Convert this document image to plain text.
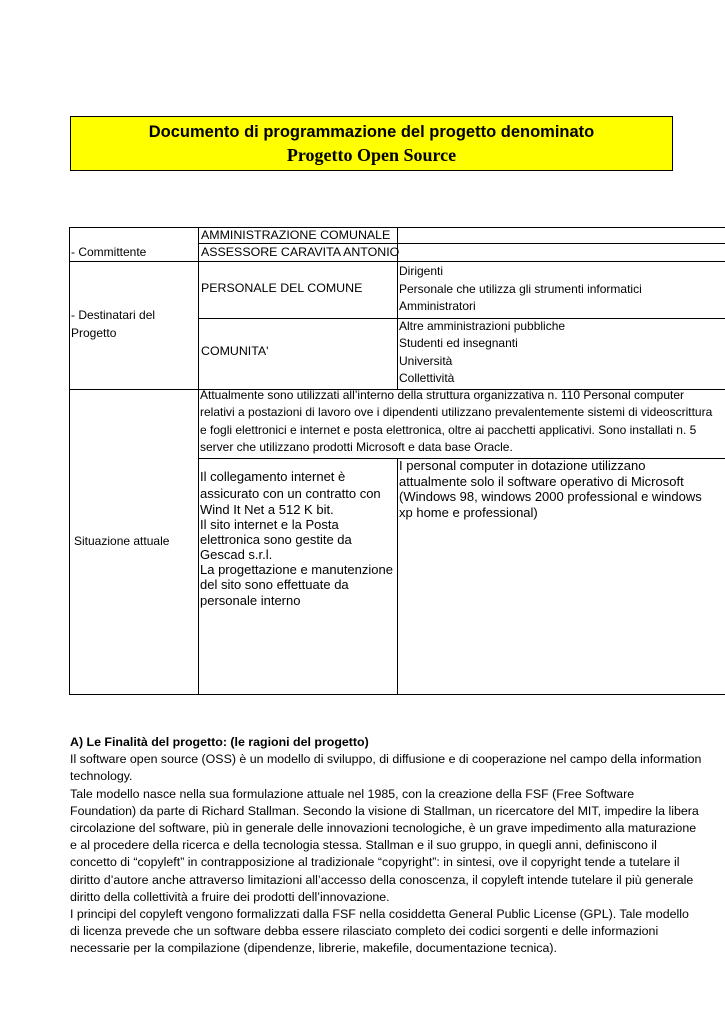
Documento di programmazione del progetto denominato
Progetto Open Source
AMMINISTRAZIONE COMUNALE
- Committente	ASSESSORE CARAVITA ANTONIO
- Destinatari del
Progetto
PERSONALE DEL COMUNE
Dirigenti
Personale che utilizza gli strumenti informatici
Amministratori
COMUNITA'
Altre amministrazioni pubbliche
Studenti ed insegnanti
Università
Collettività
Situazione attuale
Attualmente sono utilizzati all’interno della struttura organizzativa n. 110 Personal computer
relativi a postazioni di lavoro ove i dipendenti utilizzano prevalentemente sistemi di videoscrittura
e fogli elettronici e internet e posta elettronica, oltre ai pacchetti applicativi. Sono installati n. 5
server che utilizzano prodotti Microsoft e data base Oracle.
Il collegamento internet è
assicurato con un contratto con
Wind It Net a 512 K bit.
Il sito internet e la Posta
elettronica sono gestite da
Gescad s.r.l.
La progettazione e manutenzione
del sito sono effettuate da
personale interno
I personal computer in dotazione utilizzano
attualmente solo il software operativo di Microsoft
(Windows 98, windows 2000 professional e windows
xp home e professional)
A) Le Finalità del progetto: (le ragioni del progetto)
Il software open source (OSS) è un modello di sviluppo, di diffusione e di cooperazione nel campo della information
technology.
Tale modello nasce nella sua formulazione attuale nel 1985, con la creazione della FSF (Free Software
Foundation) da parte di Richard Stallman. Secondo la visione di Stallman, un ricercatore del MIT, impedire la libera
circolazione del software, più in generale delle innovazioni tecnologiche, è un grave impedimento alla maturazione
e al procedere della ricerca e della tecnologia stessa. Stallman e il suo gruppo, in quegli anni, definiscono il
concetto di “copyleft” in contrapposizione al tradizionale “copyright”: in sintesi, ove il copyright tende a tutelare il
diritto d’autore anche attraverso limitazioni all’accesso della conoscenza, il copyleft intende tutelare il più generale
diritto della collettività a fruire dei prodotti dell’innovazione.
I principi del copyleft vengono formalizzati dalla FSF nella cosiddetta General Public License (GPL). Tale modello
di licenza prevede che un software debba essere rilasciato completo dei codici sorgenti e delle informazioni
necessarie per la compilazione (dipendenze, librerie, makefile, documentazione tecnica).
